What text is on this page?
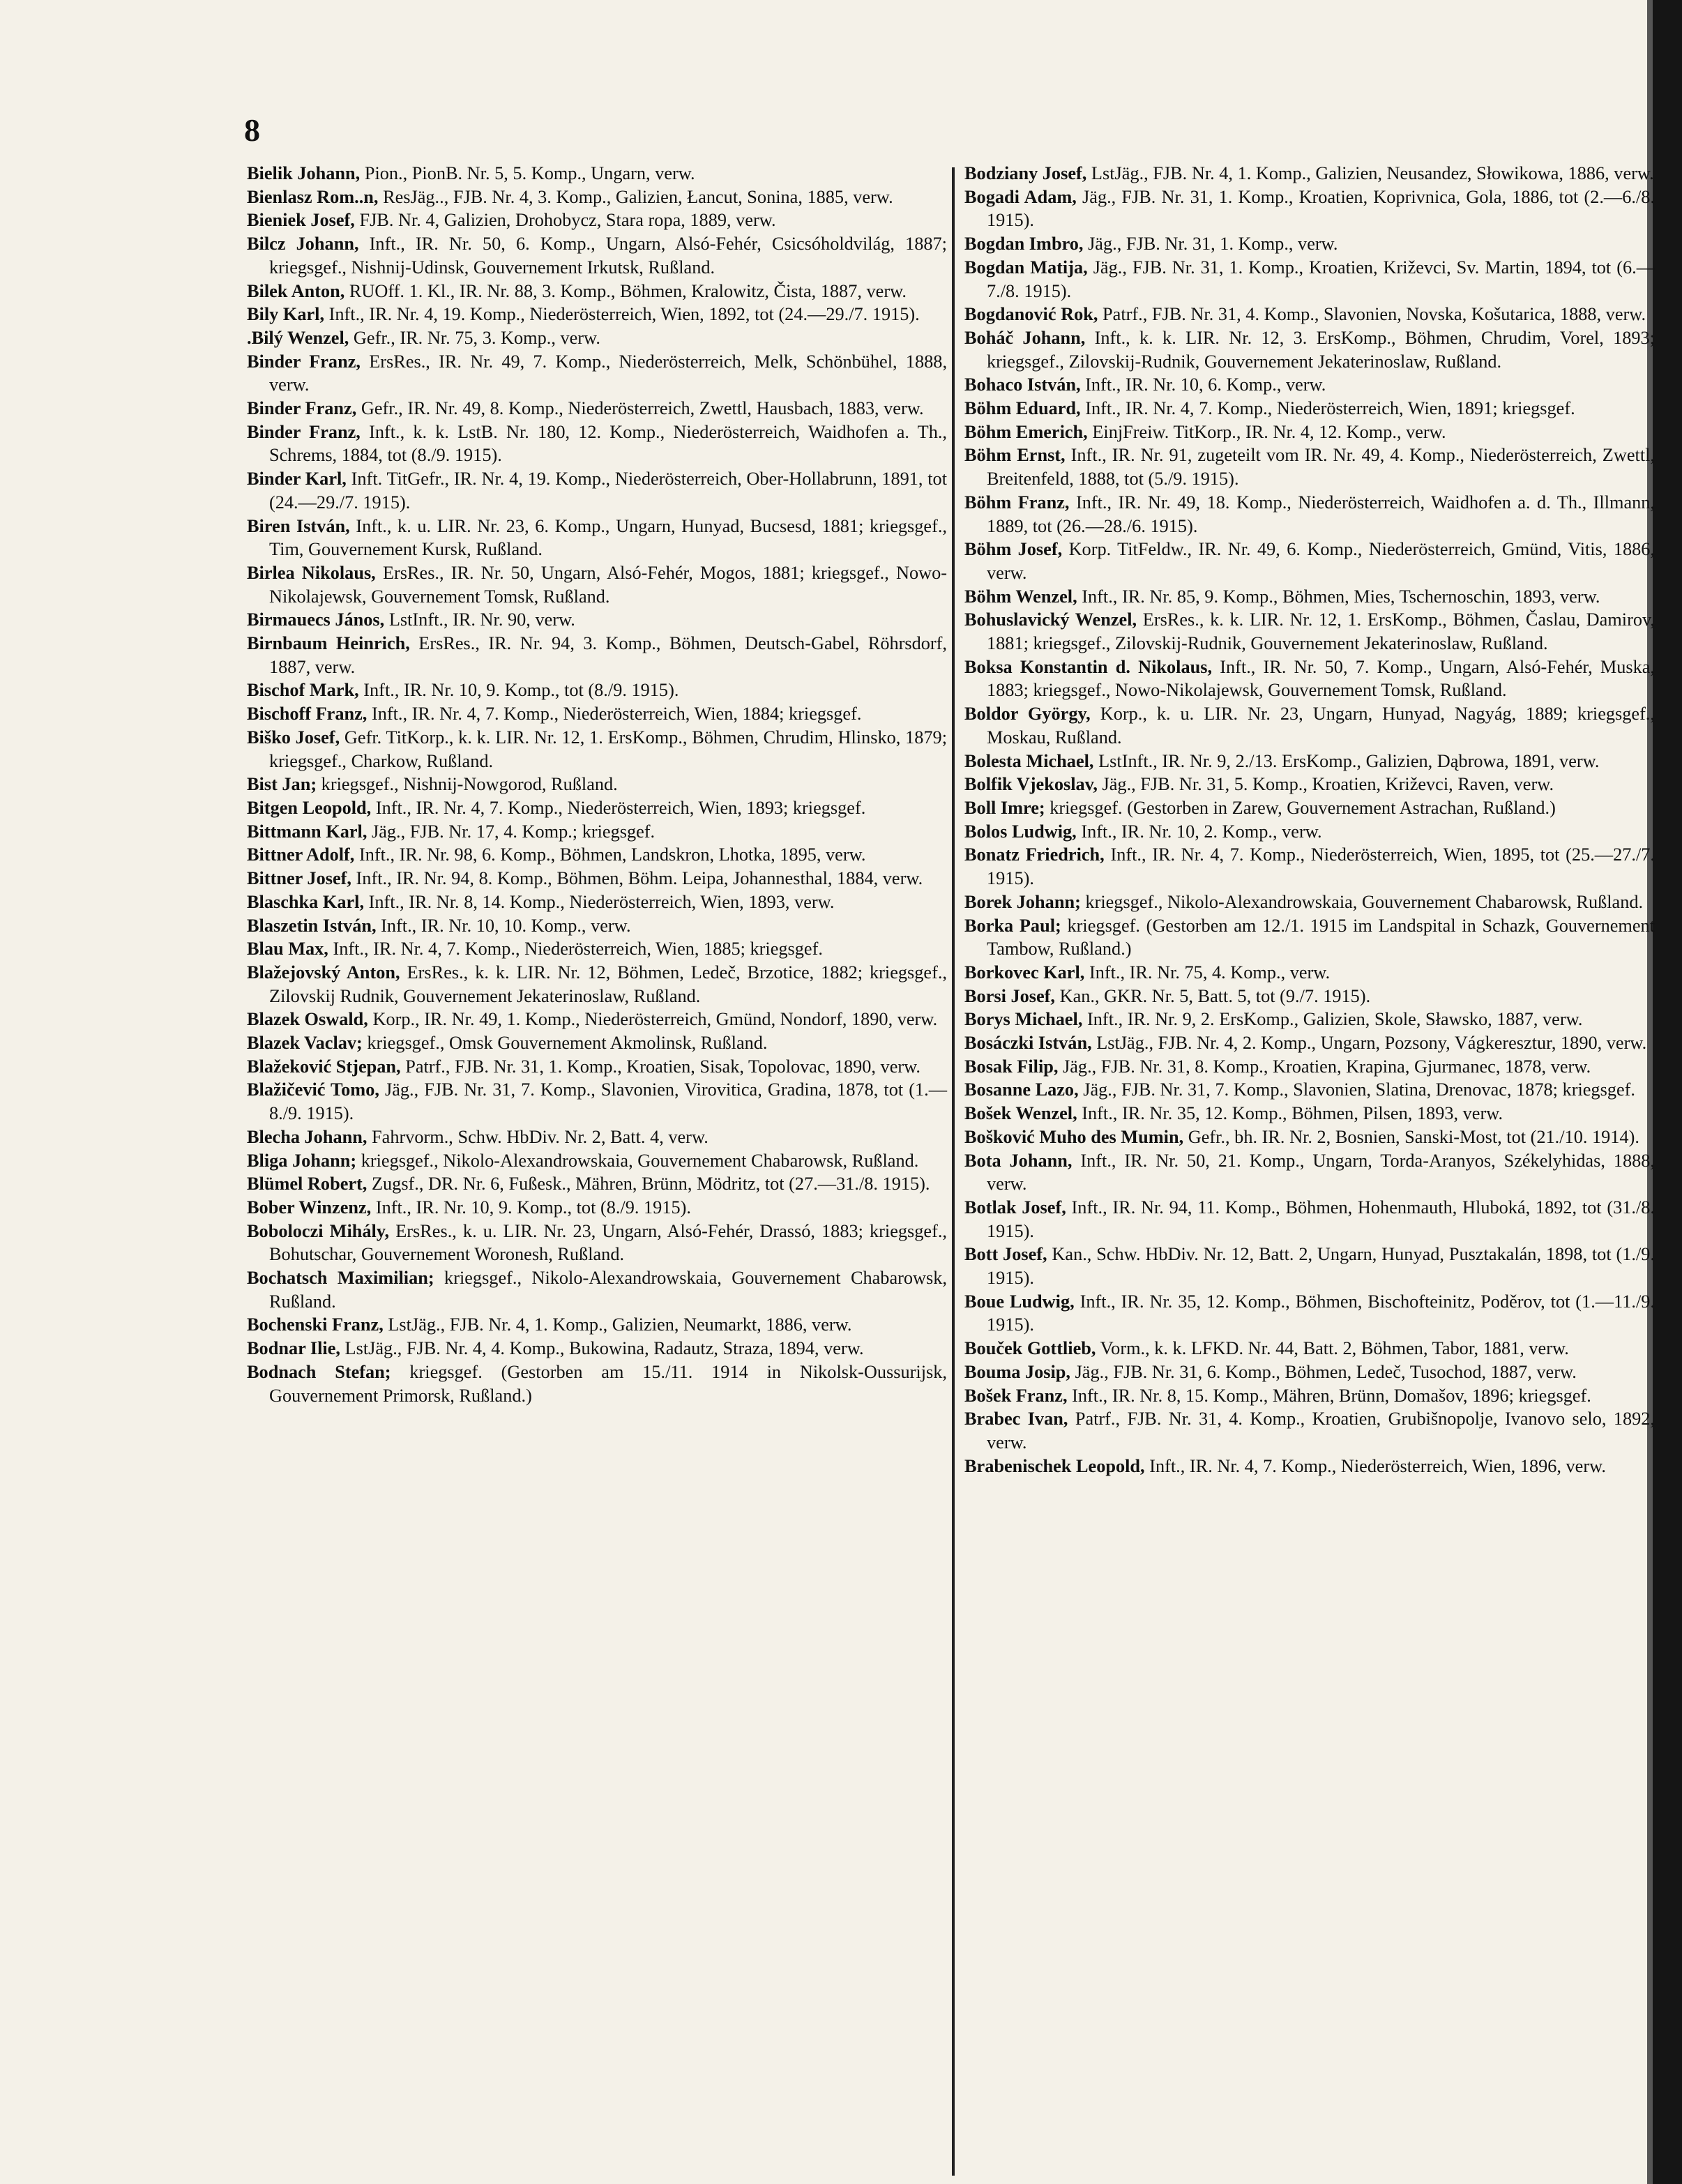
8

Bielik Johann, Pion., PionB. Nr. 5, 5. Komp., Ungarn, verw.

Bienlasz Rom..n, ResJäg.., FJB. Nr. 4, 3. Komp., Galizien, Łancut, Sonina, 1885, verw.

Bieniek Josef, FJB. Nr. 4, Galizien, Drohobycz, Stara ropa, 1889, verw.

Bilcz Johann, Inft., IR. Nr. 50, 6. Komp., Ungarn, Alsó-Fehér, Csicsóholdvilág, 1887; kriegsgef., Nishnij-Udinsk, Gouvernement Irkutsk, Rußland.

Bilek Anton, RUOff. 1. Kl., IR. Nr. 88, 3. Komp., Böhmen, Kralowitz, Čista, 1887, verw.

Bily Karl, Inft., IR. Nr. 4, 19. Komp., Niederösterreich, Wien, 1892, tot (24.—29./7. 1915).

.Bilý Wenzel, Gefr., IR. Nr. 75, 3. Komp., verw.

Binder Franz, ErsRes., IR. Nr. 49, 7. Komp., Niederösterreich, Melk, Schönbühel, 1888, verw.

Binder Franz, Gefr., IR. Nr. 49, 8. Komp., Niederösterreich, Zwettl, Hausbach, 1883, verw.

Binder Franz, Inft., k. k. LstB. Nr. 180, 12. Komp., Niederösterreich, Waidhofen a. Th., Schrems, 1884, tot (8./9. 1915).

Binder Karl, Inft. TitGefr., IR. Nr. 4, 19. Komp., Niederösterreich, Ober-Hollabrunn, 1891, tot (24.—29./7. 1915).

Biren István, Inft., k. u. LIR. Nr. 23, 6. Komp., Ungarn, Hunyad, Bucsesd, 1881; kriegsgef., Tim, Gouvernement Kursk, Rußland.

Birlea Nikolaus, ErsRes., IR. Nr. 50, Ungarn, Alsó-Fehér, Mogos, 1881; kriegsgef., Nowo-Nikolajewsk, Gouvernement Tomsk, Rußland.

Birmauecs János, LstInft., IR. Nr. 90, verw.

Birnbaum Heinrich, ErsRes., IR. Nr. 94, 3. Komp., Böhmen, Deutsch-Gabel, Röhrsdorf, 1887, verw.

Bischof Mark, Inft., IR. Nr. 10, 9. Komp., tot (8./9. 1915).

Bischoff Franz, Inft., IR. Nr. 4, 7. Komp., Niederösterreich, Wien, 1884; kriegsgef.

Biško Josef, Gefr. TitKorp., k. k. LIR. Nr. 12, 1. ErsKomp., Böhmen, Chrudim, Hlinsko, 1879; kriegsgef., Charkow, Rußland.

Bist Jan; kriegsgef., Nishnij-Nowgorod, Rußland.

Bitgen Leopold, Inft., IR. Nr. 4, 7. Komp., Niederösterreich, Wien, 1893; kriegsgef.

Bittmann Karl, Jäg., FJB. Nr. 17, 4. Komp.; kriegsgef.

Bittner Adolf, Inft., IR. Nr. 98, 6. Komp., Böhmen, Landskron, Lhotka, 1895, verw.

Bittner Josef, Inft., IR. Nr. 94, 8. Komp., Böhmen, Böhm. Leipa, Johannesthal, 1884, verw.

Blaschka Karl, Inft., IR. Nr. 8, 14. Komp., Niederösterreich, Wien, 1893, verw.

Blaszetin István, Inft., IR. Nr. 10, 10. Komp., verw.

Blau Max, Inft., IR. Nr. 4, 7. Komp., Niederösterreich, Wien, 1885; kriegsgef.

Blažejovský Anton, ErsRes., k. k. LIR. Nr. 12, Böhmen, Ledeč, Brzotice, 1882; kriegsgef., Zilovskij Rudnik, Gouvernement Jekaterinoslaw, Rußland.

Blazek Oswald, Korp., IR. Nr. 49, 1. Komp., Niederösterreich, Gmünd, Nondorf, 1890, verw.

Blazek Vaclav; kriegsgef., Omsk Gouvernement Akmolinsk, Rußland.

Blažeković Stjepan, Patrf., FJB. Nr. 31, 1. Komp., Kroatien, Sisak, Topolovac, 1890, verw.

Blažičević Tomo, Jäg., FJB. Nr. 31, 7. Komp., Slavonien, Virovitica, Gradina, 1878, tot (1.—8./9. 1915).

Blecha Johann, Fahrvorm., Schw. HbDiv. Nr. 2, Batt. 4, verw.

Bliga Johann; kriegsgef., Nikolo-Alexandrowskaia, Gouvernement Chabarowsk, Rußland.

Blümel Robert, Zugsf., DR. Nr. 6, Fußesk., Mähren, Brünn, Mödritz, tot (27.—31./8. 1915).

Bober Winzenz, Inft., IR. Nr. 10, 9. Komp., tot (8./9. 1915).

Boboloczi Mihály, ErsRes., k. u. LIR. Nr. 23, Ungarn, Alsó-Fehér, Drassó, 1883; kriegsgef., Bohutschar, Gouvernement Woronesh, Rußland.

Bochatsch Maximilian; kriegsgef., Nikolo-Alexandrowskaia, Gouvernement Chabarowsk, Rußland.

Bochenski Franz, LstJäg., FJB. Nr. 4, 1. Komp., Galizien, Neumarkt, 1886, verw.

Bodnar Ilie, LstJäg., FJB. Nr. 4, 4. Komp., Bukowina, Radautz, Straza, 1894, verw.

Bodnach Stefan; kriegsgef. (Gestorben am 15./11. 1914 in Nikolsk-Oussurijsk, Gouvernement Primorsk, Rußland.)

Bodziany Josef, LstJäg., FJB. Nr. 4, 1. Komp., Galizien, Neusandez, Słowikowa, 1886, verw.

Bogadi Adam, Jäg., FJB. Nr. 31, 1. Komp., Kroatien, Koprivnica, Gola, 1886, tot (2.—6./8. 1915).

Bogdan Imbro, Jäg., FJB. Nr. 31, 1. Komp., verw.

Bogdan Matija, Jäg., FJB. Nr. 31, 1. Komp., Kroatien, Križevci, Sv. Martin, 1894, tot (6.—7./8. 1915).

Bogdanović Rok, Patrf., FJB. Nr. 31, 4. Komp., Slavonien, Novska, Košutarica, 1888, verw.

Boháč Johann, Inft., k. k. LIR. Nr. 12, 3. ErsKomp., Böhmen, Chrudim, Vorel, 1893; kriegsgef., Zilovskij-Rudnik, Gouvernement Jekaterinoslaw, Rußland.

Bohaco István, Inft., IR. Nr. 10, 6. Komp., verw.

Böhm Eduard, Inft., IR. Nr. 4, 7. Komp., Niederösterreich, Wien, 1891; kriegsgef.

Böhm Emerich, EinjFreiw. TitKorp., IR. Nr. 4, 12. Komp., verw.

Böhm Ernst, Inft., IR. Nr. 91, zugeteilt vom IR. Nr. 49, 4. Komp., Niederösterreich, Zwettl, Breitenfeld, 1888, tot (5./9. 1915).

Böhm Franz, Inft., IR. Nr. 49, 18. Komp., Niederösterreich, Waidhofen a. d. Th., Illmann, 1889, tot (26.—28./6. 1915).

Böhm Josef, Korp. TitFeldw., IR. Nr. 49, 6. Komp., Niederösterreich, Gmünd, Vitis, 1886, verw.

Böhm Wenzel, Inft., IR. Nr. 85, 9. Komp., Böhmen, Mies, Tschernoschin, 1893, verw.

Bohuslavický Wenzel, ErsRes., k. k. LIR. Nr. 12, 1. ErsKomp., Böhmen, Časlau, Damirov, 1881; kriegsgef., Zilovskij-Rudnik, Gouvernement Jekaterinoslaw, Rußland.

Boksa Konstantin d. Nikolaus, Inft., IR. Nr. 50, 7. Komp., Ungarn, Alsó-Fehér, Muska, 1883; kriegsgef., Nowo-Nikolajewsk, Gouvernement Tomsk, Rußland.

Boldor György, Korp., k. u. LIR. Nr. 23, Ungarn, Hunyad, Nagyág, 1889; kriegsgef., Moskau, Rußland.

Bolesta Michael, LstInft., IR. Nr. 9, 2./13. ErsKomp., Galizien, Dąbrowa, 1891, verw.

Bolfik Vjekoslav, Jäg., FJB. Nr. 31, 5. Komp., Kroatien, Križevci, Raven, verw.

Boll Imre; kriegsgef. (Gestorben in Zarew, Gouvernement Astrachan, Rußland.)

Bolos Ludwig, Inft., IR. Nr. 10, 2. Komp., verw.

Bonatz Friedrich, Inft., IR. Nr. 4, 7. Komp., Niederösterreich, Wien, 1895, tot (25.—27./7. 1915).

Borek Johann; kriegsgef., Nikolo-Alexandrowskaia, Gouvernement Chabarowsk, Rußland.

Borka Paul; kriegsgef. (Gestorben am 12./1. 1915 im Landspital in Schazk, Gouvernement Tambow, Rußland.)

Borkovec Karl, Inft., IR. Nr. 75, 4. Komp., verw.

Borsi Josef, Kan., GKR. Nr. 5, Batt. 5, tot (9./7. 1915).

Borys Michael, Inft., IR. Nr. 9, 2. ErsKomp., Galizien, Skole, Sławsko, 1887, verw.

Bosáczki István, LstJäg., FJB. Nr. 4, 2. Komp., Ungarn, Pozsony, Vágkeresztur, 1890, verw.

Bosak Filip, Jäg., FJB. Nr. 31, 8. Komp., Kroatien, Krapina, Gjurmanec, 1878, verw.

Bosanne Lazo, Jäg., FJB. Nr. 31, 7. Komp., Slavonien, Slatina, Drenovac, 1878; kriegsgef.

Bošek Wenzel, Inft., IR. Nr. 35, 12. Komp., Böhmen, Pilsen, 1893, verw.

Bošković Muho des Mumin, Gefr., bh. IR. Nr. 2, Bosnien, Sanski-Most, tot (21./10. 1914).

Bota Johann, Inft., IR. Nr. 50, 21. Komp., Ungarn, Torda-Aranyos, Székelyhidas, 1888, verw.

Botlak Josef, Inft., IR. Nr. 94, 11. Komp., Böhmen, Hohenmauth, Hluboká, 1892, tot (31./8. 1915).

Bott Josef, Kan., Schw. HbDiv. Nr. 12, Batt. 2, Ungarn, Hunyad, Pusztakalán, 1898, tot (1./9. 1915).

Boue Ludwig, Inft., IR. Nr. 35, 12. Komp., Böhmen, Bischofteinitz, Poděrov, tot (1.—11./9. 1915).

Bouček Gottlieb, Vorm., k. k. LFKD. Nr. 44, Batt. 2, Böhmen, Tabor, 1881, verw.

Bouma Josip, Jäg., FJB. Nr. 31, 6. Komp., Böhmen, Ledeč, Tusochod, 1887, verw.

Bošek Franz, Inft., IR. Nr. 8, 15. Komp., Mähren, Brünn, Domašov, 1896; kriegsgef.

Brabec Ivan, Patrf., FJB. Nr. 31, 4. Komp., Kroatien, Grubišnopolje, Ivanovo selo, 1892, verw.

Brabenischek Leopold, Inft., IR. Nr. 4, 7. Komp., Niederösterreich, Wien, 1896, verw.
